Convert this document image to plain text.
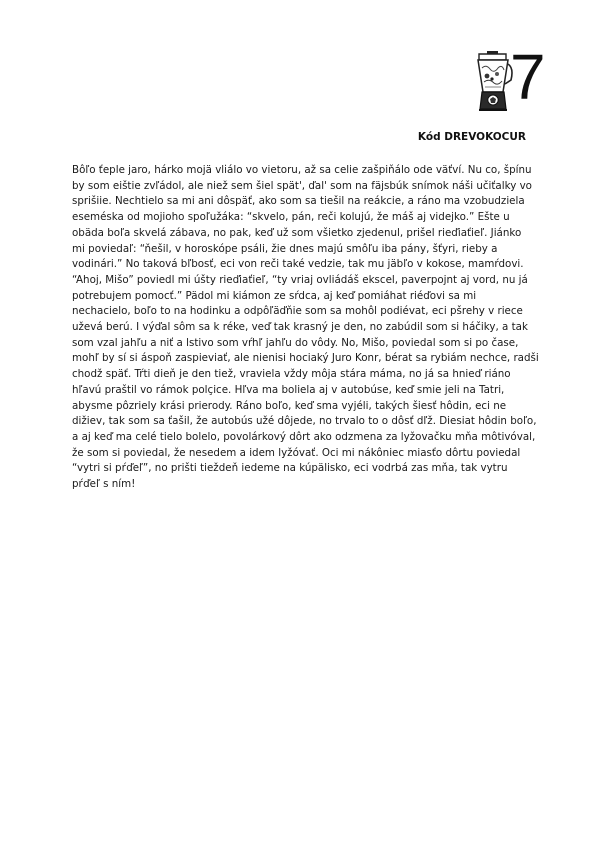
7
Kód DREVOKOCUR
Bôľo ťeple jaro, hárko mojä vlіálo vo vietoru, až sa celie zašpiňálo ode väťví. Nu co, špínu
by som eištie zvľádol, ale niež sem šiel spät', ďal' som na fäjsbúk snímok náši učiťalky vo
sprišiie. Nechtielo sa mi ani dôspäť, ako som sa tiešil na reákcie, a ráno ma vzobudziela
eseméska od mojioho spoľužáka: “skvelo, pán, reči kolujú, že máš aj videjko.” Ešte u
obäda boľa skvelá zábava, no pak, keď už som všietko zjedenul, prišel rieďiaťieľ. Jiánko
mi poviedaľ: “ňešil, v horoskópe psáli, žie dnes majú smôľu iba pány, šťyri, rieby a
vodinári.” No taková bľbosť, eci von reči také vedzie, tak mu jäbľo v kokose, mamŕdovi.
“Ahoj, Mišo” poviedl mi úšty rieďiaťieľ, “ty vriaj ovliádáš ekscel, paverpojnt aj vord, nu já
potrebujem pomocť.” Pädol mi kiámon ze sŕdca, aj keď pomiáhat riéďovi sa mi
nechacielo, boľo to na hodinku a odpôľäďňie som sa mohôl podiévat, eci pšrehy v riece
uževá berú. I výďal sôm sa k réke, veď tak krasný je den, no zabúdil som si háčiky, a tak
som vzal jahľu a niť a lstivo som vŕhľ jahľu do vôdy. No, Mišo, poviedal som si po čase,
mohľ by sí si áspoň zaspieviať, ale nienisi hociaký Juro Konr, bérat sa rybiám nechce, radši
chodž späť. Tŕti dieň je den tiež, vraviela vždy môja stára máma, no já sa hnieď riáno
hľavú praštil vo rámok polҫice. Hľva ma boliela aj v autobúse, keď smie jeli na Tatri,
abysme pôzriely krási prierody. Ráno boľo, keď sma vyjéli, takých šiesť hôdin, eci ne
dižiev, tak som sa ťašil, že autobús užé dôjede, no trvalo to o dôsť dľž. Diesiat hôdin boľo,
a aj keď ma celé tielo bolelo, povolárkový dôrt ako odzmena za lyžovačku mňa môtivóval,
že som si poviedal, že nesedem a idem lyžóvať. Oci mi nákôniec miasťo dôrtu poviedal
“vytri si pŕďeľ”, no prišti tieždeň iedeme na kúpälisko, eci vodrbá zas mňa, tak vytru
pŕďeľ s ním!
